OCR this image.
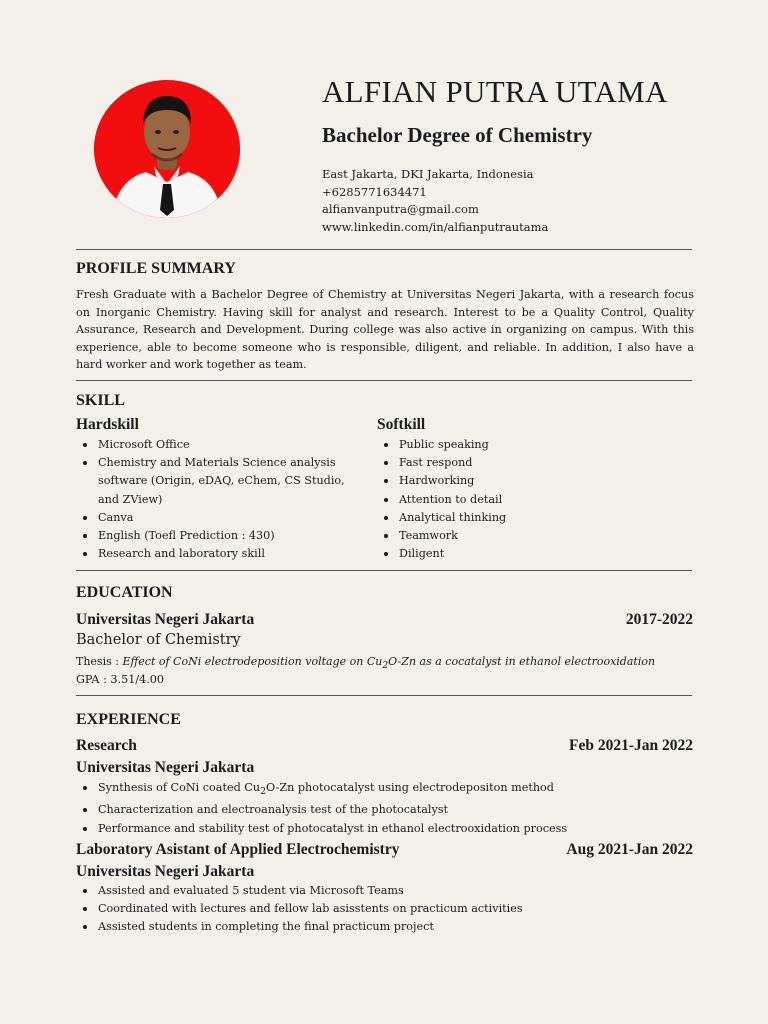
ALFIAN PUTRA UTAMA
Bachelor Degree of Chemistry
East Jakarta, DKI Jakarta, Indonesia
+6285771634471
alfianvanputra@gmail.com
www.linkedin.com/in/alfianputrautama
PROFILE SUMMARY

Fresh Graduate with a Bachelor Degree of Chemistry at Universitas Negeri Jakarta, with a research focus on Inorganic Chemistry. Having skill for analyst and research. Interest to be a Quality Control, Quality Assurance, Research and Development. During college was also active in organizing on campus. With this experience, able to become someone who is responsible, diligent, and reliable. In addition, I also have a hard worker and work together as team.

SKILL
Hardskill
Microsoft Office
Chemistry and Materials Science analysis software (Origin, eDAQ, eChem, CS Studio, and ZView)
Canva
English (Toefl Prediction : 430)
Research and laboratory skill
Softkill
Public speaking
Fast respond
Hardworking
Attention to detail
Analytical thinking
Teamwork
Diligent
EDUCATION
Universitas Negeri Jakarta	2017-2022

Bachelor of Chemistry

Thesis : Effect of CoNi electrodeposition voltage on $Cu_2O-Zn$ as a cocatalyst in ethanol electrooxidation

GPA : 3.51/4.00

EXPERIENCE
Research	Feb 2021-Jan 2022
Universitas Negeri Jakarta
Synthesis of CoNi coated $Cu_2O-Zn$ photocatalyst using electrodepositon method
Characterization and electroanalysis test of the photocatalyst
Performance and stability test of photocatalyst in ethanol electrooxidation process
Laboratory Asistant of Applied Electrochemistry	Aug 2021-Jan 2022
Universitas Negeri Jakarta
Assisted and evaluated 5 student via Microsoft Teams
Coordinated with lectures and fellow lab asisstents on practicum activities
Assisted students in completing the final practicum project
